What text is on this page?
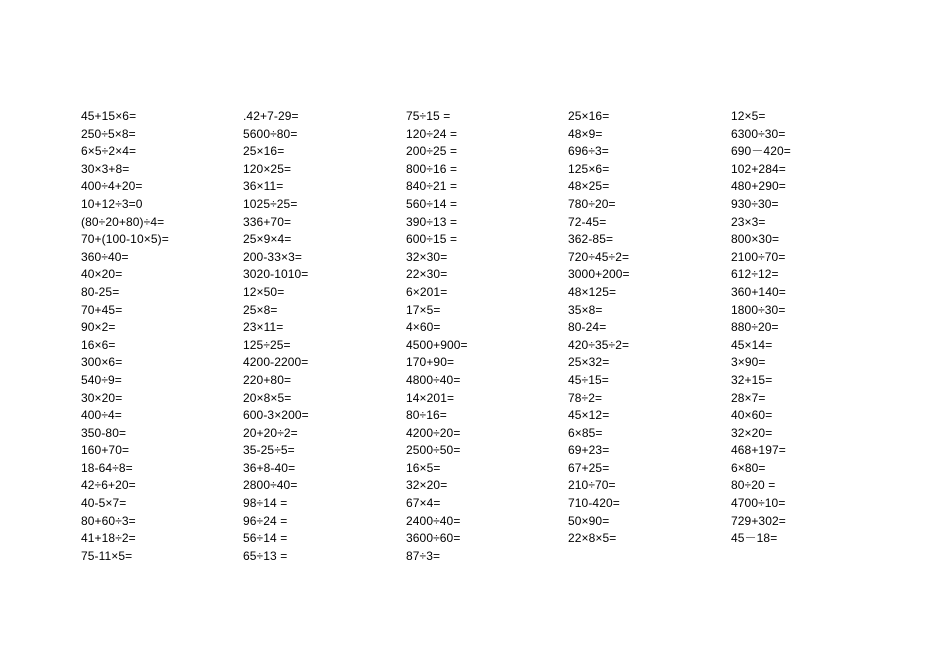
45+15×6=
250÷5×8=
6×5÷2×4=
30×3+8=
400÷4+20=
10+12÷3=0
(80÷20+80)÷4=
70+(100-10×5)=
360÷40=
40×20=
80-25=
70+45=
90×2=
16×6=
300×6=
540÷9=
30×20=
400÷4=
350-80=
160+70=
18-64÷8=
42÷6+20=
40-5×7=
80+60÷3=
41+18÷2=
75-11×5=
.42+7-29=
5600÷80=
25×16=
120×25=
36×11=
1025÷25=
336+70=
25×9×4=
200-33×3=
3020-1010=
12×50=
25×8=
23×11=
125÷25=
4200-2200=
220+80=
20×8×5=
600-3×200=
20+20÷2=
35-25÷5=
36+8-40=
2800÷40=
98÷14 =
96÷24 =
56÷14 =
65÷13 =
75÷15 =
120÷24 =
200÷25 =
800÷16 =
840÷21 =
560÷14 =
390÷13 =
600÷15 =
32×30=
22×30=
6×201=
17×5=
4×60=
4500+900=
170+90=
4800÷40=
14×201=
80÷16=
4200÷20=
2500÷50=
16×5=
32×20=
67×4=
2400÷40=
3600÷60=
87÷3=
25×16=
48×9=
696÷3=
125×6=
48×25=
780÷20=
72-45=
362-85=
720÷45÷2=
3000+200=
48×125=
35×8=
80-24=
420÷35÷2=
25×32=
45÷15=
78÷2=
45×12=
6×85=
69+23=
67+25=
210÷70=
710-420=
50×90=
22×8×5=
12×5=
6300÷30=
690－420=
102+284=
480+290=
930÷30=
23×3=
800×30=
2100÷70=
612÷12=
360+140=
1800÷30=
880÷20=
45×14=
3×90=
32+15=
28×7=
40×60=
32×20=
468+197=
6×80=
80÷20 =
4700÷10=
729+302=
45－18=
